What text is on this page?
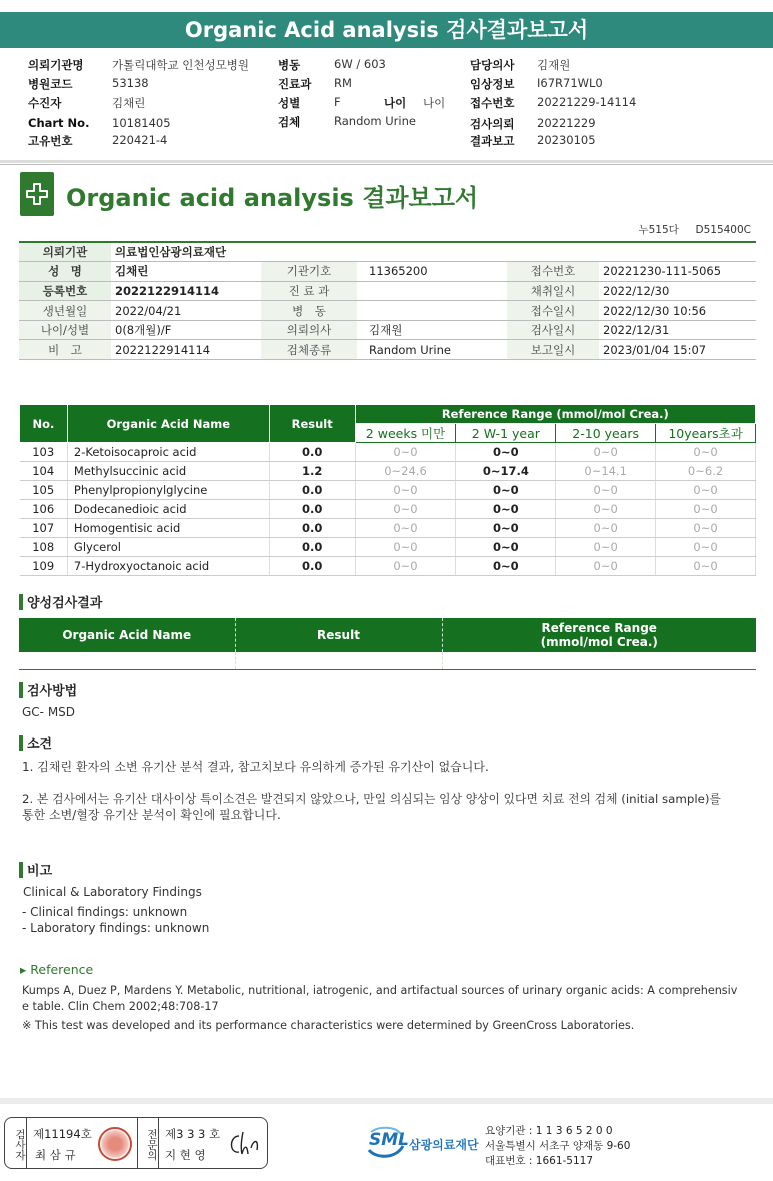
Organic Acid analysis 검사결과보고서
의뢰기관명 가톨릭대학교 인천성모병원
병원코드	53138
수진자	김채린
Chart No. 10181405
고유번호	220421-4
병동	6W / 603
진료과 RM
성별	F	나이 나이
검체	Random Urine
담당의사 김재원
임상정보 I67R71WL0
접수번호 20221229-14114
검사의뢰 20221229
결과보고 20230105
Organic acid analysis 결과보고서
누515다     D515400C
의뢰기관	의료법인삼광의료재단				
성　명	김채린	기관기호	11365200	접수번호	20221230-111-5065
등록번호	2022122914114	진 료 과		채취일시	2022/12/30
생년월일	2022/04/21	병　동		접수일시	2022/12/30 10:56
나이/성별	0(8개월)/F	의뢰의사	김재원	검사일시	2022/12/31
비　고	2022122914114	검체종류	Random Urine	보고일시	2023/01/04 15:07
No.	Organic Acid Name	Result	Reference Range (mmol/mol Crea.)			
			2 weeks 미만	2 W-1 year	2-10 years	10years초과
103	2-Ketoisocaproic acid	0.0	0~0	0~0	0~0	0~0
104	Methylsuccinic acid	1.2	0~24.6	0~17.4	0~14.1	0~6.2
105	Phenylpropionylglycine	0.0	0~0	0~0	0~0	0~0
106	Dodecanedioic acid	0.0	0~0	0~0	0~0	0~0
107	Homogentisic acid	0.0	0~0	0~0	0~0	0~0
108	Glycerol	0.0	0~0	0~0	0~0	0~0
109	7-Hydroxyoctanoic acid	0.0	0~0	0~0	0~0	0~0
양성검사결과
Organic Acid Name	Result	Reference Range
(mmol/mol Crea.)

검사방법
GC- MSD
소견
1. 김채린 환자의 소변 유기산 분석 결과, 참고치보다 유의하게 증가된 유기산이 없습니다.
2. 본 검사에서는 유기산 대사이상 특이소견은 발견되지 않았으나, 만일 의심되는 임상 양상이 있다면 치료 전의 검체 (initial sample)를
통한 소변/혈장 유기산 분석이 확인에 필요합니다.
비고
Clinical & Laboratory Findings
- Clinical findings: unknown
- Laboratory findings: unknown
▸ Reference
Kumps A, Duez P, Mardens Y. Metabolic, nutritional, iatrogenic, and artifactual sources of urinary organic acids: A comprehensiv
e table. Clin Chem 2002;48:708-17
※ This test was developed and its performance characteristics were determined by GreenCross Laboratories.
검사자 제11194호
최 삼 규	전문의 제3 3 3 호
지 현 영
SML 삼광의료재단
요양기관 : 1 1 3 6 5 2 0 0
서울특별시 서초구 양재동 9-60
대표번호 : 1661-5117
